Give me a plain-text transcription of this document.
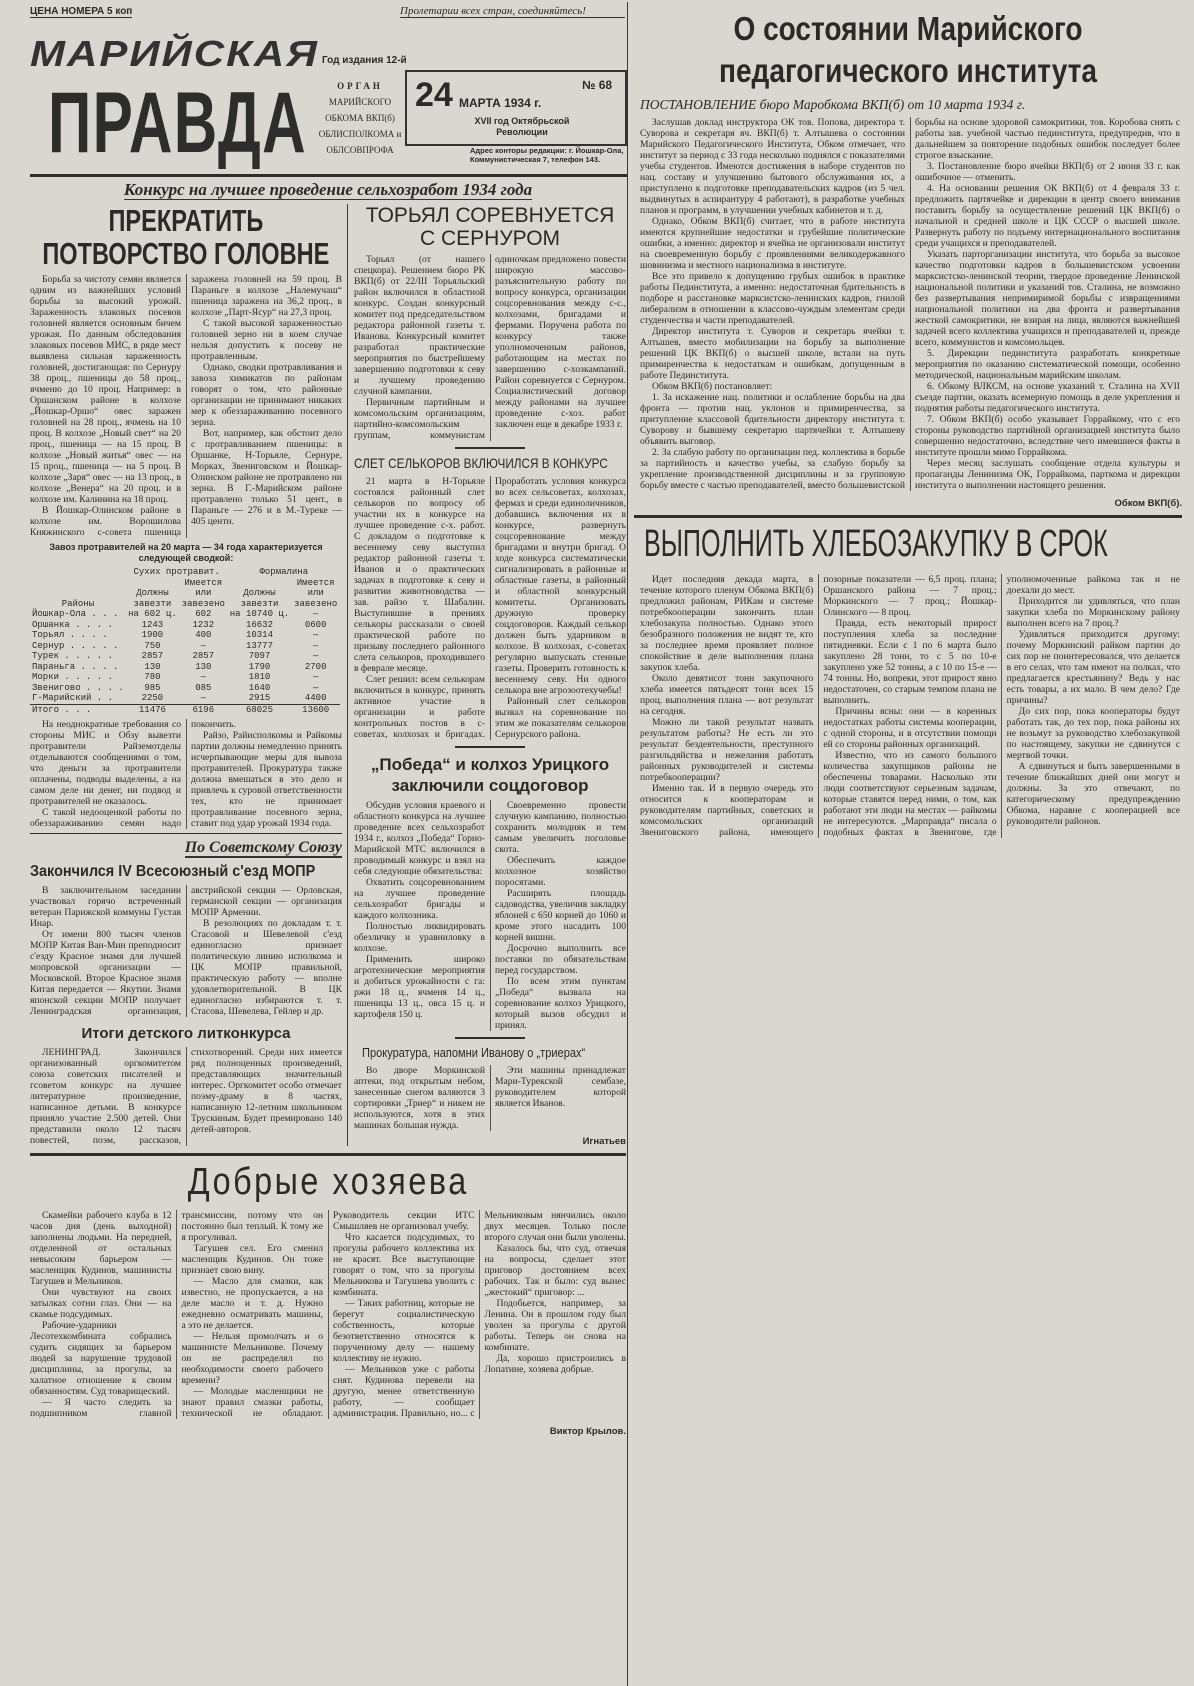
ЦЕНА НОМЕРА 5 коп	Пролетарии всех стран, соединяйтесь!
МАРИЙСКАЯ
ПРАВДА
Год издания 12-й
ОРГАН
МАРИЙСКОГО
ОБКОМА ВКП(б)
ОБЛИСПОЛКОМА и
ОБЛСОВПРОФА
24 МАРТА 1934 г.
№ 68
XVII год Октябрьской Революции
Адрес конторы редакции: г. Йошкар-Ола, Коммунистическая 7, телефон 143.
Конкурс на лучшее проведение сельхозработ 1934 года
ПРЕКРАТИТЬ
ПОТВОРСТВО ГОЛОВНЕ

Борьба за чистоту семян является одним из важнейших условий борьбы за высокий урожай. Зараженность злаковых посевов головней является основным бичем урожая. По данным обследования злаковых посевов МИС, в ряде мест выявлена сильная зараженность головней, достигающая: по Сернуру 38 проц., пшеницы до 58 проц., ячменю до 10 проц. Например: в Оршанском районе в колхозе „Йошкар-Оршо“ овес заражен головней на 28 проц., ячмень на 10 проц. В колхозе „Новый свет“ на 20 проц., пшеница — на 15 проц. В колхозе „Новый житья“ овес — на 15 проц., пшеница — на 5 проц. В колхозе „Заря“ овес — на 13 проц., в колхозе „Венера“ на 20 проц. и в колхозе им. Калинина на 18 проц.

В Йошкар-Олинском районе в колхозе им. Ворошилова Княжинского с-совета пшеница заражена головней на 59 проц. В Параньге в колхозе „Налемучаш“ пшеница заражена на 36,2 проц., в колхозе „Парт-Ясур“ на 27,3 проц.

С такой высокой зараженностью головней зерно ни в коем случае нельзя допустить к посеву не протравленным.

Однако, сводки протравливания и завоза химикатов по районам говорят о том, что районные организации не принимают никаких мер к обеззараживанию посевного зерна.

Вот, например, как обстоит дело с протравливанием пшеницы: в Оршанке, Н-Торьяле, Сернуре, Морках, Звениговском и Йошкар-Олинском районе не протравлено ни зерна. В Г.-Марийском районе протравлено только 51 цент., в Параньге — 276 и в М.-Туреке — 405 центн.

Завоз протравителей на 20 марта — 34 года характеризуется следующей сводкой:
	Сухих протравит.		Формалина	
Районы	Должны завезти	Имеется или завезено	Должны завезти	Имеется или завезено
Йошкар-Ола . . .	на 602 ц.	602	на 10740 ц.	—
Оршанка . . . .	1243	1232	16632	0600
Торьял . . . .	1900	400	10314	—
Сернур . . . . .	750	—	13777	—
Турек . . . . .	2857	2857	7097	—
Параньга . . . .	130	130	1790	2700
Морки . . . . .	780	—	1810	—
Звенигово . . . .	985	085	1640	—
Г-Марийский . .	2250	—	2915	4400
Итого . . .	11476	6196	68025	13600

На неоднократные требования со стороны МИС и Обзу вывезти протравители Райземотделы отделываются сообщениями о том, что деньги за протравители оплачены, подводы выделены, а на самом деле ни денег, ни подвод и протравителей не оказалось.

С такой недооценкой работы по обеззараживанию семян надо покончить.

Райзо, Райисполкомы и Райкомы партии должны немедленно принять исчерпывающие меры для вывоза протравителей. Прокуратура также должна вмешаться в это дело и привлечь к суровой ответственности тех, кто не принимает протравливание посевного зерна, ставит под удар урожай 1934 года.

По Советскому Союзу
Закончился IV Всесоюзный с'езд МОПР

В заключительном заседании участвовал горячо встреченный ветеран Парижской коммуны Густав Инар.

От имени 800 тысяч членов МОПР Китая Ван-Мин преподносит с'езду Красное знамя для лучшей мопровской организации — Московской. Второе Красное знамя Китая передается — Якутии. Знамя японской секции МОПР получает Ленинградская организация, австрийской секции — Орловская, германской секции — организация МОПР Армении.

В резолюциях по докладам т. т. Стасовой и Шевелевой с'езд единогласно признает политическую линию исполкома и ЦК МОПР правильной, практическую работу — вполне удовлетворительной. В ЦК единогласно избираются т. т. Стасова, Шевелева, Гейлер и др.

Итоги детского литконкурса

ЛЕНИНГРАД. Закончился организованный оргкомитетом союза советских писателей и гсоветом конкурс на лучшее литературное произведение, написанное детьми. В конкурсе приняло участие 2.500 детей. Они представили около 12 тысяч повестей, поэм, рассказов, стихотворений. Среди них имеется ряд полноценных произведений, представляющих значительный интерес. Оргкомитет особо отмечает поэму-драму в 8 частях, написанную 12-летним школьником Трускиным. Будет премировано 140 детей-авторов.

ТОРЬЯЛ СОРЕВНУЕТСЯ
С СЕРНУРОМ

Торьял (от нашего спецкора). Решением бюро РК ВКП(б) от 22/III Торьяльский район включился в областной конкурс. Создан конкурсный комитет под председательством редактора районной газеты т. Иванова. Конкурсный комитет разработал практические мероприятия по быстрейшему завершению подготовки к севу и лучшему проведению случной кампании.

Первичным партийным и комсомольским организациям, партийно-комсомольским группам, коммунистам одиночкам предложено повести широкую массово-разъяснительную работу по вопросу конкурса, организации соцсоревнования между с-с., колхозами, бригадами и фермами. Поручена работа по конкурсу также уполномоченным районов, работающим на местах по завершению с-хозкампаний. Район соревнуется с Сернуром. Социалистический договор между районами на лучшее проведение с-хоз. работ заключен еще в декабре 1933 г.

СЛЕТ СЕЛЬКОРОВ ВКЛЮЧИЛСЯ В КОНКУРС

21 марта в Н-Торьяле состоялся районный слет селькоров по вопросу об участии их в конкурсе на лучшее проведение с-х. работ. С докладом о подготовке к весеннему севу выступил редактор районной газеты т. Иванов и о практических задачах в подготовке к севу и развитии животноводства — зав. райзо т. Шабалин. Выступившие в прениях селькоры рассказали о своей практической работе по призыву последнего районного слета селькоров, проходившего в феврале месяце.

Слет решил: всем селькорам включиться в конкурс, принять активное участие в организации и работе контрольных постов в с-советах, колхозах и бригадах. Проработать условия конкурса во всех сельсоветах, колхозах, фермах и среди единоличников, добавшись включения их в конкурсе, развернуть соцсоревнование между бригадами и внутри бригад. О ходе конкурса систематически сигнализировать в районные и областные газеты, в районный и областной конкурсный комитеты. Организовать дружную проверку соцдоговоров. Каждый селькор должен быть ударником в колхозе. В колхозах, с-советах регулярно выпускать стенные газеты. Проверить готовность к весеннему севу. Ни одного селькора вне агрозоотехучебы!

Районный слет селькоров вызвал на соревнование по этим же показателям селькоров Сернурского района.

„Победа“ и колхоз Урицкого
заключили соцдоговор

Обсудив условия краевого и областного конкурса на лучшее проведение всех сельхозработ 1934 г., колхоз „Победа“ Горно-Марийской МТС включился в проводимый конкурс и взял на себя следующие обязательства:

Охватить соцсоревнованием на лучшее проведение сельхозработ бригады и каждого колхозника.

Полностью ликвидировать обезличку и уравниловку в колхозе.

Применить широко агротехнические мероприятия и добиться урожайности с га: ржи 18 ц., ячменя 14 ц., пшеницы 13 ц., овса 15 ц. и картофеля 150 ц.

Своевременно провести случную кампанию, полностью сохранить молодняк и тем самым увеличить поголовье скота.

Обеспечить каждое колхозное хозяйство поросятами.

Расширять площадь садоводства, увеличив закладку яблоней с 650 корней до 1060 и кроме этого насадить 100 корней вишни.

Досрочно выполнить все поставки по обязательствам перед государством.

По всем этим пунктам „Победа“ вызвала на соревнование колхоз Урицкого, который вызов обсудил и принял.

Прокуратура, напомни Иванову о „триерах“

Во дворе Моркинской аптеки, под открытым небом, занесенные снегом валяются 3 сортировки „Триер“ и никем не используются, хотя в этих машинах большая нужда.

Эти машины принадлежат Мари-Турекской сембазе, руководителем которой является Иванов.

Игнатьев
Добрые хозяева

Скамейки рабочего клуба в 12 часов дня (день выходной) заполнены людьми. На передней, отделенной от остальных невысоким барьером — масленщик Кудинов, машинисты Тагушев и Мельников.

Они чувствуют на своих затылках сотни глаз. Они — на скамье подсудимых.

Рабочие-ударники Лесотехкомбината собрались судить сидящих за барьером людей за нарушение трудовой дисциплины, за прогулы, за халатное отношение к своим обязанностям. Суд товарищеский.

— Я часто следить за подшипником главной трансмиссии, потому что он постоянно был теплый. К тому же я прогуливал.

Тагушев сел. Его сменил масленщик Кудинов. Он тоже признает свою вину.

— Масло для смазки, как известно, не пропускается, а на деле масло и т. д. Нужно ежедневно осматривать машины, а это не делается.

— Нельзя промолчать и о машинисте Мельникове. Почему он не распределял по необходимости своего рабочего времени?

— Молодые масленщики не знают правил смазки работы, технической не обладают. Руководитель секции ИТС Смышляев не организовал учебу.

Что касается подсудимых, то прогулы рабочего коллектива их не красят. Все выступающие говорят о том, что за прогулы Мельникова и Тагушева уволить с комбината.

— Таких работниц, которые не берегут социалистическую собственность, которые безответственно относятся к порученному делу — нашему коллективу не нужно.

— Мельников уже с работы снят. Кудинова перевели на другую, менее ответственную работу, — сообщает администрация. Правильно, но... с Мельниковым нянчились около двух месяцев. Только после второго случая они были уволены.

Казалось бы, что суд, отвечая на вопросы, сделает этот приговор достоянием всех рабочих. Так и было: суд вынес „жестокий“ приговор: ...

Подобьется, например, за Ленина. Он в прошлом году был уволен за прогулы с другой работы. Теперь он снова на комбинате.

Да, хорошо пристроились в Лопатине, хозяева добрые.

Виктор Крылов.
О состоянии Марийского
педагогического института
ПОСТАНОВЛЕНИЕ бюро Маробкома ВКП(б) от 10 марта 1934 г.

Заслушав доклад инструктора ОК тов. Попова, директора т. Суворова и секретаря яч. ВКП(б) т. Алтышева о состоянии Марийского Педагогического Института, Обком отмечает, что институт за период с 33 года несколько поднялся с показателями учебы студентов. Имеются достижения в наборе студентов по нац. составу и улучшению бытового обслуживания их, а приступлено к подготовке преподавательских кадров (из 5 чел. выдвинутых в аспирантуру 4 работают), в разработке учебных планов и программ, в улучшении учебных кабинетов и т. д.

Однако, Обком ВКП(б) считает, что в работе института имеются крупнейшие недостатки и грубейшие политические ошибки, а именно: директор и ячейка не организовали институт на своевременную борьбу с проявлениями великодержавного шовинизма и местного национализма в институте.

Все это привело к допущению грубых ошибок в практике работы Пединститута, а именно: недостаточная бдительность в подборе и расстановке марксистско-ленинских кадров, гнилой либерализм в отношении к классово-чуждым элементам среди студенчества и части преподавателей.

Директор института т. Суворов и секретарь ячейки т. Алтышев, вместо мобилизации на борьбу за выполнение решений ЦК ВКП(б) о высшей школе, встали на путь примиренчества к недостаткам и ошибкам, допущенным в работе Пединститута.

Обком ВКП(б) постановляет:

1. За искажение нац. политики и ослабление борьбы на два фронта — против нац. уклонов и примиренчества, за притупление классовой бдительности директору института т. Суворову и бывшему секретарю партячейки т. Алтышеву объявить выговор.

2. За слабую работу по организации пед. коллектива в борьбе за партийность и качество учебы, за слабую борьбу за укрепление производственной дисциплины и за групповую борьбу вместе с частью преподавателей, вместо большевистской борьбы на основе здоровой самокритики, тов. Коробова снять с работы зав. учебной частью пединститута, предупредив, что в дальнейшем за повторение подобных ошибок последует более строгое взыскание.

3. Постановление бюро ячейки ВКП(б) от 2 июня 33 г. как ошибочное — отменить.

4. На основании решения ОК ВКП(б) от 4 февраля 33 г. предложить партячейке и дирекции в центр своего внимания поставить борьбу за осуществление решений ЦК ВКП(б) о начальной и средней школе и ЦК СССР о высшей школе. Развернуть работу по подъему интернационального воспитания среди учащихся и преподавателей.

Указать парторганизации института, что борьба за высокое качество подготовки кадров в большевистском усвоении марксистско-ленинской теории, твердое проведение Ленинской национальной политики и указаний тов. Сталина, не возможно без развертывания непримиримой борьбы с извращениями национальной политики на два фронта и развертывания жесткой самокритики, не взирая на лица, являются важнейшей задачей всего коллектива учащихся и преподавателей и, прежде всего, коммунистов и комсомольцев.

5. Дирекции пединститута разработать конкретные мероприятия по оказанию систематической помощи, особенно методической, национальным марийским школам.

6. Обкому ВЛКСМ, на основе указаний т. Сталина на XVII съезде партии, оказать всемерную помощь в деле укрепления и поднятия работы педагогического института.

7. Обком ВКП(б) особо указывает Горрайкому, что с его стороны руководство партийной организацией института было совершенно недостаточно, вследствие чего имевшиеся факты в институте прошли мимо Горрайкома.

Через месяц заслушать сообщение отдела культуры и пропаганды Ленинизма ОК, Горрайкома, парткома и дирекции института о выполнении настоящего решения.

Обком ВКП(б).
ВЫПОЛНИТЬ ХЛЕБОЗАКУПКУ В СРОК

Идет последняя декада марта, в течение которого пленум Обкома ВКП(б) предложил районам, РИКам и системе потребкооперации закончить план хлебозакупа полностью. Однако этого безобразного положения не видят те, кто за последнее время проявляет полное спокойствие в деле выполнения плана закупок хлеба.

Около девятисот тонн закупочного хлеба имеется пятьдесят тонн всех 15 проц. выполнения плана — вот результат на сегодня.

Можно ли такой результат назвать результатом работы? Не есть ли это результат бездеятельности, преступного разгильдяйства и нежелания работать районных руководителей и системы потребкооперации?

Именно так. И в первую очередь это относится к кооператорам и руководителям партийных, советских и комсомольских организаций Звениговского района, имеющего позорные показатели — 6,5 проц. плана; Оршанского района — 7 проц.; Моркинского — 7 проц.; Йошкар-Олинского — 8 проц.

Правда, есть некоторый прирост поступления хлеба за последние пятидневки. Если с 1 по 6 марта было закуплено 28 тонн, то с 5 по 10-е закуплено уже 52 тонны, а с 10 по 15-е — 74 тонны. Но, вопреки, этот прирост явно недостаточен, со старым темпом плана не выполнить.

Причины ясны: они — в коренных недостатках работы системы кооперации, с одной стороны, и в отсутствии помощи ей со стороны районных организаций.

Известно, что из самого большого количества закупщиков районы не обеспечены товарами. Насколько эти люди соответствуют серьезным задачам, которые ставятся перед ними, о том, как работают эти люди на местах — райкомы не интересуются. „Марправда“ писала о подобных фактах в Звенигове, где уполномоченные райкома так и не доехали до мест.

Приходится ли удивляться, что план закупки хлеба по Моркинскому району выполнен всего на 7 проц.?

Удивляться приходится другому: почему Моркинский райком партии до сих пор не поинтересовался, что делается в его селах, что там имеют на полках, что предлагается крестьянину? Ведь у нас есть товары, а их мало. В чем дело? Где причины?

До сих пор, пока кооператоры будут работать так, до тех пор, пока районы их не возьмут за руководство хлебозакупкой по настоящему, закупки не сдвинутся с мертвой точки.

А сдвинуться и быть завершенными в течение ближайших дней они могут и должны. За это отвечают, по категорическому предупреждению Обкома, наравне с кооперацией все руководители районов.
